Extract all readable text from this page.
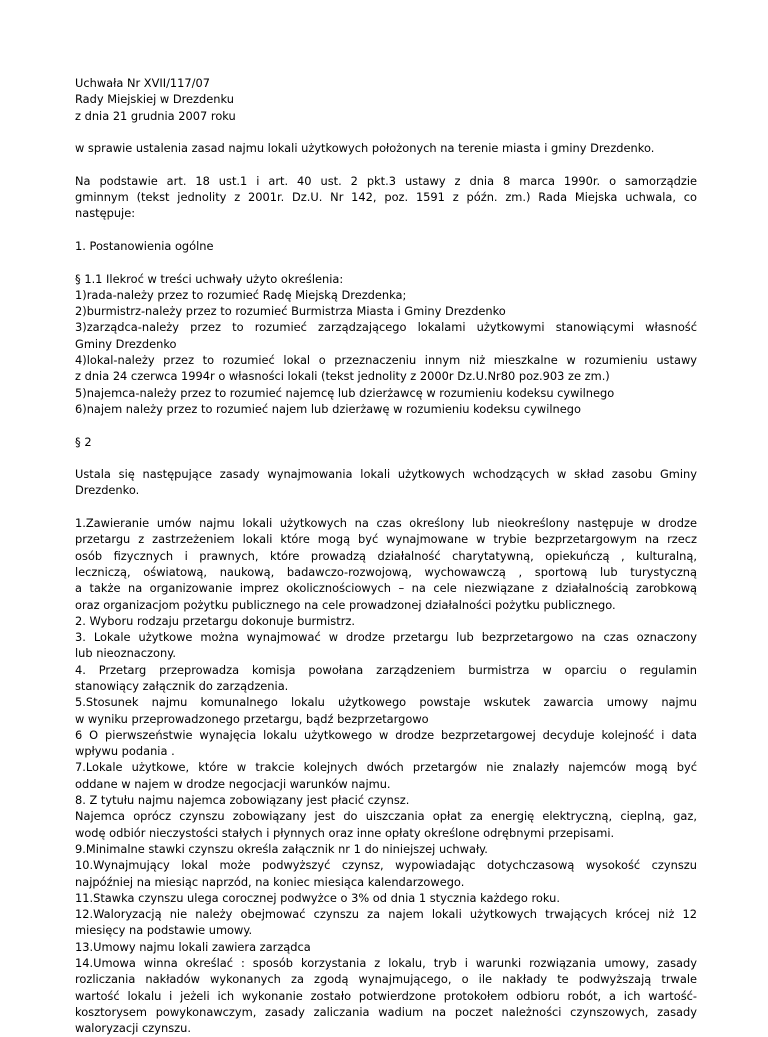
Uchwała Nr XVII/117/07
Rady Miejskiej w Drezdenku
z dnia 21 grudnia 2007 roku
w sprawie ustalenia zasad najmu lokali użytkowych położonych na terenie miasta i gminy Drezdenko.
Na podstawie art. 18 ust.1 i art. 40 ust. 2 pkt.3 ustawy z dnia 8 marca 1990r. o samorządzie
gminnym (tekst jednolity z 2001r. Dz.U. Nr 142, poz. 1591 z późn. zm.) Rada Miejska uchwala, co
następuje:
1. Postanowienia ogólne
§ 1.1 Ilekroć w treści uchwały użyto określenia:
1)rada-należy przez to rozumieć Radę Miejską Drezdenka;
2)burmistrz-należy przez to rozumieć Burmistrza Miasta i Gminy Drezdenko
3)zarządca-należy przez to rozumieć zarządzającego lokalami użytkowymi stanowiącymi własność
Gminy Drezdenko
4)lokal-należy przez to rozumieć lokal o przeznaczeniu innym niż mieszkalne w rozumieniu ustawy
z dnia 24 czerwca 1994r o własności lokali (tekst jednolity z 2000r Dz.U.Nr80 poz.903 ze zm.)
5)najemca-należy przez to rozumieć najemcę lub dzierżawcę w rozumieniu kodeksu cywilnego
6)najem należy przez to rozumieć najem lub dzierżawę w rozumieniu kodeksu cywilnego
§ 2
Ustala się następujące zasady wynajmowania lokali użytkowych wchodzących w skład zasobu Gminy
Drezdenko.
1.Zawieranie umów najmu lokali użytkowych na czas określony lub nieokreślony następuje w drodze
przetargu z zastrzeżeniem lokali które mogą być wynajmowane w trybie bezprzetargowym na rzecz
osób fizycznych i prawnych, które prowadzą działalność charytatywną, opiekuńczą , kulturalną,
leczniczą, oświatową, naukową, badawczo-rozwojową, wychowawczą , sportową lub turystyczną
a także na organizowanie imprez okolicznościowych – na cele niezwiązane z działalnością zarobkową
oraz organizacjom pożytku publicznego na cele prowadzonej działalności pożytku publicznego.
2. Wyboru rodzaju przetargu dokonuje burmistrz.
3. Lokale użytkowe można wynajmować w drodze przetargu lub bezprzetargowo na czas oznaczony
lub nieoznaczony.
4. Przetarg przeprowadza komisja powołana zarządzeniem burmistrza w oparciu o regulamin
stanowiący załącznik do zarządzenia.
5.Stosunek najmu komunalnego lokalu użytkowego powstaje wskutek zawarcia umowy najmu
w wyniku przeprowadzonego przetargu, bądź bezprzetargowo
6 O pierwszeństwie wynajęcia lokalu użytkowego w drodze bezprzetargowej decyduje kolejność i data
wpływu podania .
7.Lokale użytkowe, które w trakcie kolejnych dwóch przetargów nie znalazły najemców mogą być
oddane w najem w drodze negocjacji warunków najmu.
8. Z tytułu najmu najemca zobowiązany jest płacić czynsz.
Najemca oprócz czynszu zobowiązany jest do uiszczania opłat za energię elektryczną, cieplną, gaz,
wodę odbiór nieczystości stałych i płynnych oraz inne opłaty określone odrębnymi przepisami.
9.Minimalne stawki czynszu określa załącznik nr 1 do niniejszej uchwały.
10.Wynajmujący lokal może podwyższyć czynsz, wypowiadając dotychczasową wysokość czynszu
najpóźniej na miesiąc naprzód, na koniec miesiąca kalendarzowego.
11.Stawka czynszu ulega corocznej podwyżce o 3% od dnia 1 stycznia każdego roku.
12.Waloryzacją nie należy obejmować czynszu za najem lokali użytkowych trwających krócej niż 12
miesięcy na podstawie umowy.
13.Umowy najmu lokali zawiera zarządca
14.Umowa winna określać : sposób korzystania z lokalu, tryb i warunki rozwiązania umowy, zasady
rozliczania nakładów wykonanych za zgodą wynajmującego, o ile nakłady te podwyższają trwale
wartość lokalu i jeżeli ich wykonanie zostało potwierdzone protokołem odbioru robót, a ich wartość-
kosztorysem powykonawczym, zasady zaliczania wadium na poczet należności czynszowych, zasady
waloryzacji czynszu.
